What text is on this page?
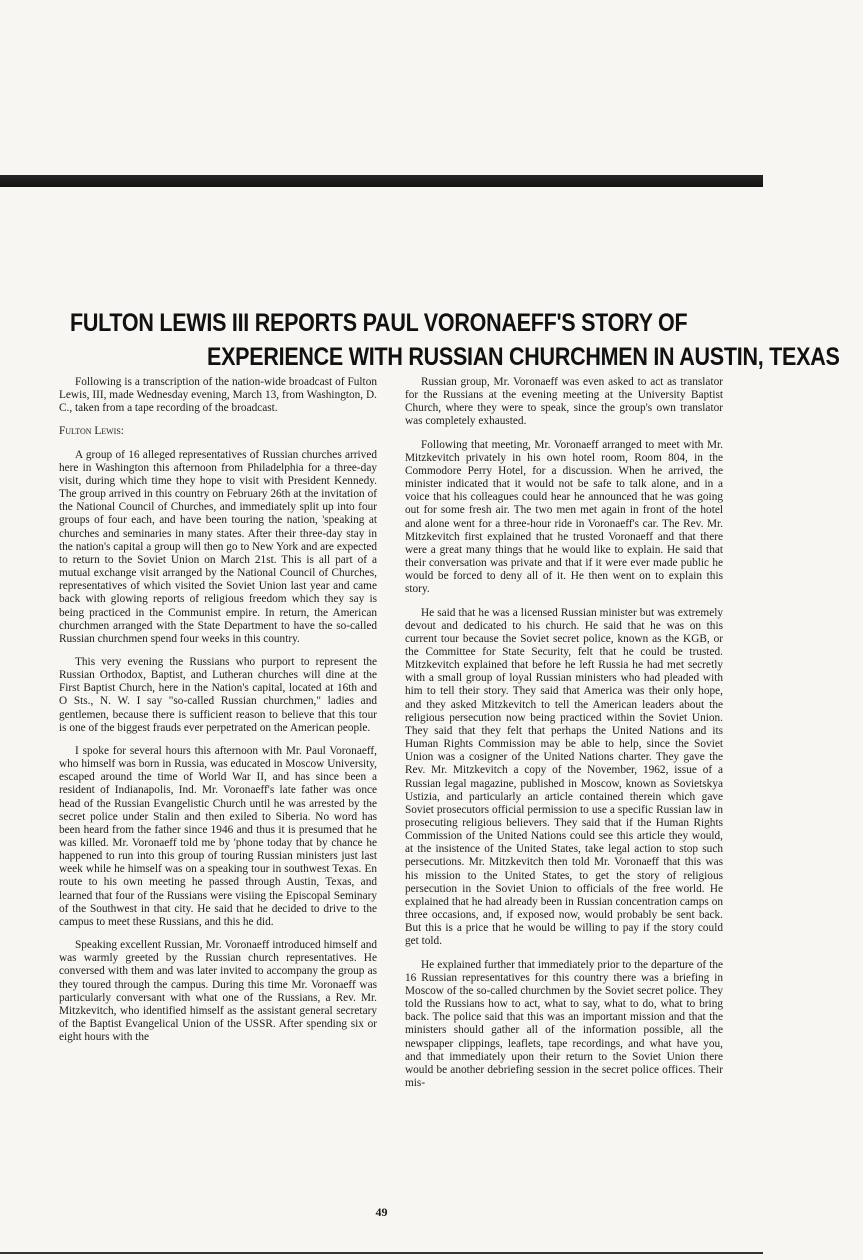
FULTON LEWIS III REPORTS PAUL VORONAEFF'S STORY OF
EXPERIENCE WITH RUSSIAN CHURCHMEN IN AUSTIN, TEXAS

Following is a transcription of the nation-wide broadcast of Fulton Lewis, III, made Wednesday evening, March 13, from Washington, D. C., taken from a tape recording of the broadcast.

Fulton Lewis:

A group of 16 alleged representatives of Russian churches arrived here in Washington this afternoon from Philadelphia for a three-day visit, during which time they hope to visit with President Kennedy. The group arrived in this country on February 26th at the invitation of the National Council of Churches, and immediately split up into four groups of four each, and have been touring the nation, 'speaking at churches and seminaries in many states. After their three-day stay in the nation's capital a group will then go to New York and are expected to return to the Soviet Union on March 21st. This is all part of a mutual exchange visit arranged by the National Council of Churches, representatives of which visited the Soviet Union last year and came back with glowing reports of religious freedom which they say is being practiced in the Communist empire. In return, the American churchmen arranged with the State Department to have the so-called Russian churchmen spend four weeks in this country.

This very evening the Russians who purport to represent the Russian Orthodox, Baptist, and Lutheran churches will dine at the First Baptist Church, here in the Nation's capital, located at 16th and O Sts., N. W. I say "so-called Russian churchmen," ladies and gentlemen, because there is sufficient reason to believe that this tour is one of the biggest frauds ever perpetrated on the American people.

I spoke for several hours this afternoon with Mr. Paul Voronaeff, who himself was born in Russia, was educated in Moscow University, escaped around the time of World War II, and has since been a resident of Indianapolis, Ind. Mr. Voronaeff's late father was once head of the Russian Evangelistic Church until he was arrested by the secret police under Stalin and then exiled to Siberia. No word has been heard from the father since 1946 and thus it is presumed that he was killed. Mr. Voronaeff told me by 'phone today that by chance he happened to run into this group of touring Russian ministers just last week while he himself was on a speaking tour in southwest Texas. En route to his own meeting he passed through Austin, Texas, and learned that four of the Russians were visiing the Episcopal Seminary of the Southwest in that city. He said that he decided to drive to the campus to meet these Russians, and this he did.

Speaking excellent Russian, Mr. Voronaeff introduced himself and was warmly greeted by the Russian church representatives. He conversed with them and was later invited to accompany the group as they toured through the campus. During this time Mr. Voronaeff was particularly conversant with what one of the Russians, a Rev. Mr. Mitzkevitch, who identified himself as the assistant general secretary of the Baptist Evangelical Union of the USSR. After spending six or eight hours with the

Russian group, Mr. Voronaeff was even asked to act as translator for the Russians at the evening meeting at the University Baptist Church, where they were to speak, since the group's own translator was completely exhausted.

Following that meeting, Mr. Voronaeff arranged to meet with Mr. Mitzkevitch privately in his own hotel room, Room 804, in the Commodore Perry Hotel, for a discussion. When he arrived, the minister indicated that it would not be safe to talk alone, and in a voice that his colleagues could hear he announced that he was going out for some fresh air. The two men met again in front of the hotel and alone went for a three-hour ride in Voronaeff's car. The Rev. Mr. Mitzkevitch first explained that he trusted Voronaeff and that there were a great many things that he would like to explain. He said that their conversation was private and that if it were ever made public he would be forced to deny all of it. He then went on to explain this story.

He said that he was a licensed Russian minister but was extremely devout and dedicated to his church. He said that he was on this current tour because the Soviet secret police, known as the KGB, or the Committee for State Security, felt that he could be trusted. Mitzkevitch explained that before he left Russia he had met secretly with a small group of loyal Russian ministers who had pleaded with him to tell their story. They said that America was their only hope, and they asked Mitzkevitch to tell the American leaders about the religious persecution now being practiced within the Soviet Union. They said that they felt that perhaps the United Nations and its Human Rights Commission may be able to help, since the Soviet Union was a cosigner of the United Nations charter. They gave the Rev. Mr. Mitzkevitch a copy of the November, 1962, issue of a Russian legal magazine, published in Moscow, known as Sovietskya Ustizia, and particularly an article contained therein which gave Soviet prosecutors official permission to use a specific Russian law in prosecuting religious believers. They said that if the Human Rights Commission of the United Nations could see this article they would, at the insistence of the United States, take legal action to stop such persecutions. Mr. Mitzkevitch then told Mr. Voronaeff that this was his mission to the United States, to get the story of religious persecution in the Soviet Union to officials of the free world. He explained that he had already been in Russian concentration camps on three occasions, and, if exposed now, would probably be sent back. But this is a price that he would be willing to pay if the story could get told.

He explained further that immediately prior to the departure of the 16 Russian representatives for this country there was a briefing in Moscow of the so-called churchmen by the Soviet secret police. They told the Russians how to act, what to say, what to do, what to bring back. The police said that this was an important mission and that the ministers should gather all of the information possible, all the newspaper clippings, leaflets, tape recordings, and what have you, and that immediately upon their return to the Soviet Union there would be another debriefing session in the secret police offices. Their mis-

49
